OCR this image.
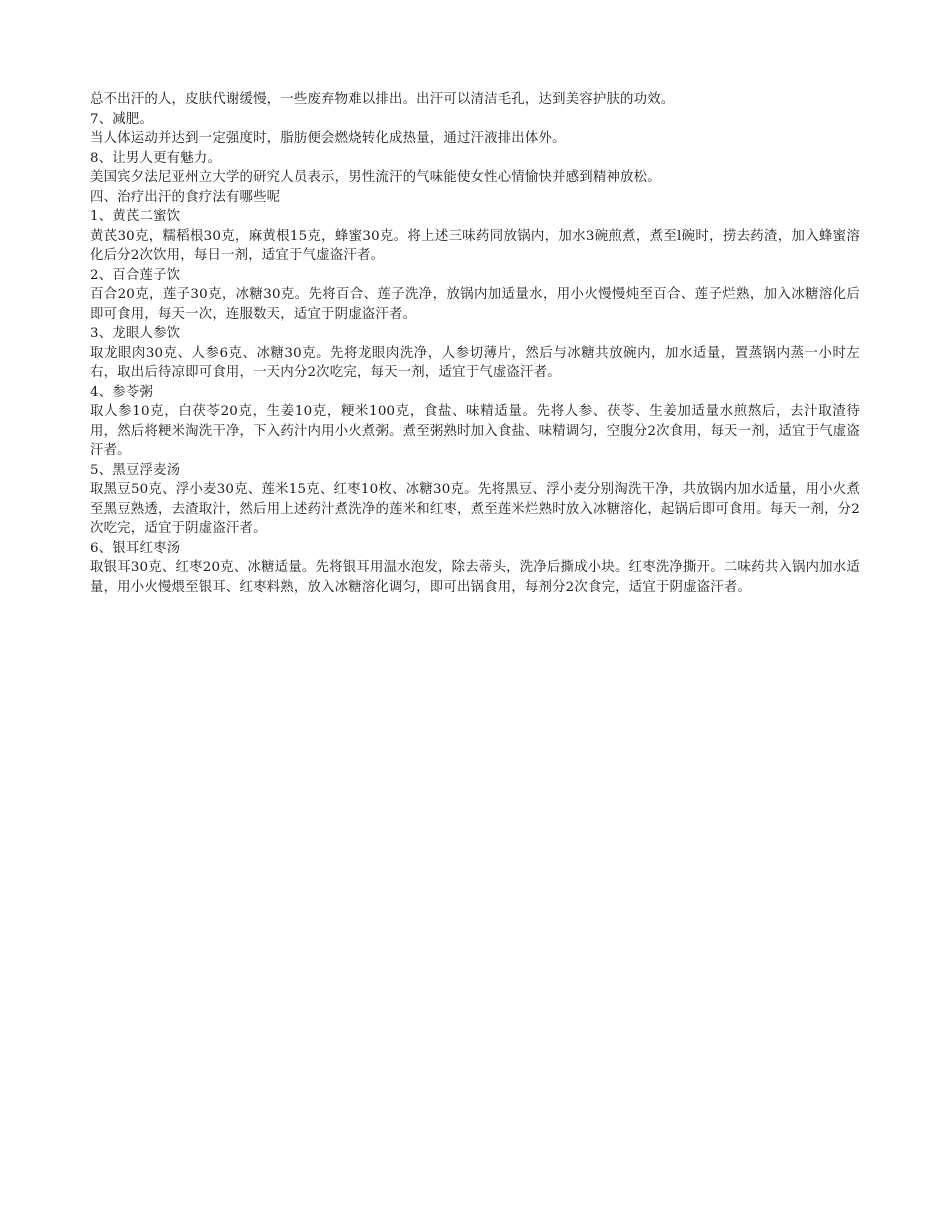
总不出汗的人，皮肤代谢缓慢，一些废弃物难以排出。出汗可以清洁毛孔，达到美容护肤的功效。

7、减肥。

当人体运动并达到一定强度时，脂肪便会燃烧转化成热量，通过汗液排出体外。

8、让男人更有魅力。

美国宾夕法尼亚州立大学的研究人员表示，男性流汗的气味能使女性心情愉快并感到精神放松。

四、治疗出汗的食疗法有哪些呢

1、黄芪二蜜饮

黄芪30克，糯稻根30克，麻黄根15克，蜂蜜30克。将上述三味药同放锅内，加水3碗煎煮，煮至l碗时，捞去药渣，加入蜂蜜溶化后分2次饮用，每日一剂，适宜于气虚盗汗者。

2、百合莲子饮

百合20克，莲子30克，冰糖30克。先将百合、莲子洗净，放锅内加适量水，用小火慢慢炖至百合、莲子烂熟，加入冰糖溶化后即可食用，每天一次，连服数天，适宜于阴虚盗汗者。

3、龙眼人参饮

取龙眼肉30克、人参6克、冰糖30克。先将龙眼肉洗净，人参切薄片，然后与冰糖共放碗内，加水适量，置蒸锅内蒸一小时左右，取出后待凉即可食用，一天内分2次吃完，每天一剂，适宜于气虚盗汗者。

4、参苓粥

取人参10克，白茯苓20克，生姜10克，粳米100克，食盐、味精适量。先将人参、茯苓、生姜加适量水煎熬后，去汁取渣待用，然后将粳米淘洗干净，下入药汁内用小火煮粥。煮至粥熟时加入食盐、味精调匀，空腹分2次食用，每天一剂，适宜于气虚盗汗者。

5、黑豆浮麦汤

取黑豆50克、浮小麦30克、莲米15克、红枣10枚、冰糖30克。先将黑豆、浮小麦分别淘洗干净，共放锅内加水适量，用小火煮至黑豆熟透，去渣取汁，然后用上述药汁煮洗净的莲米和红枣，煮至莲米烂熟时放入冰糖溶化，起锅后即可食用。每天一剂，分2次吃完，适宜于阴虚盗汗者。

6、银耳红枣汤

取银耳30克、红枣20克、冰糖适量。先将银耳用温水泡发，除去蒂头，洗净后撕成小块。红枣洗净撕开。二味药共入锅内加水适量，用小火慢煨至银耳、红枣料熟，放入冰糖溶化调匀，即可出锅食用，每剂分2次食完，适宜于阴虚盗汗者。
